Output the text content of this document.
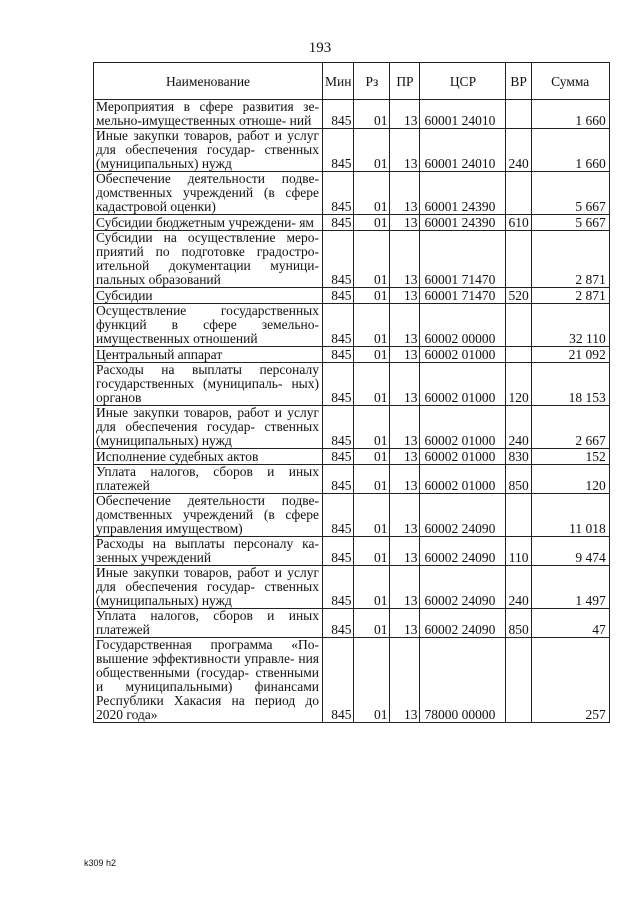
193
Наименование	Мин	Рз	ПР	ЦСР	ВР	Сумма
Мероприятия в сфере развития зе- мельно-имущественных отноше- ний	845	01	13	60001 24010		1 660
Иные закупки товаров, работ и услуг для обеспечения государ- ственных (муниципальных) нужд	845	01	13	60001 24010	240	1 660
Обеспечение деятельности подве- домственных учреждений (в сфере кадастровой оценки)	845	01	13	60001 24390		5 667
Субсидии бюджетным учреждени- ям	845	01	13	60001 24390	610	5 667
Субсидии на осуществление меро- приятий по подготовке градостро- ительной документации муници- пальных образований	845	01	13	60001 71470		2 871
Субсидии	845	01	13	60001 71470	520	2 871
Осуществление государственных функций в сфере земельно- имущественных отношений	845	01	13	60002 00000		32 110
Центральный аппарат	845	01	13	60002 01000		21 092
Расходы на выплаты персоналу государственных (муниципаль- ных) органов	845	01	13	60002 01000	120	18 153
Иные закупки товаров, работ и услуг для обеспечения государ- ственных (муниципальных) нужд	845	01	13	60002 01000	240	2 667
Исполнение судебных актов	845	01	13	60002 01000	830	152
Уплата налогов, сборов и иных платежей	845	01	13	60002 01000	850	120
Обеспечение деятельности подве- домственных учреждений (в сфере управления имуществом)	845	01	13	60002 24090		11 018
Расходы на выплаты персоналу ка- зенных учреждений	845	01	13	60002 24090	110	9 474
Иные закупки товаров, работ и услуг для обеспечения государ- ственных (муниципальных) нужд	845	01	13	60002 24090	240	1 497
Уплата налогов, сборов и иных платежей	845	01	13	60002 24090	850	47
Государственная программа «По- вышение эффективности управле- ния общественными (государ- ственными и муниципальными) финансами Республики Хакасия на период до 2020 года»	845	01	13	78000 00000		257
k309 h2
